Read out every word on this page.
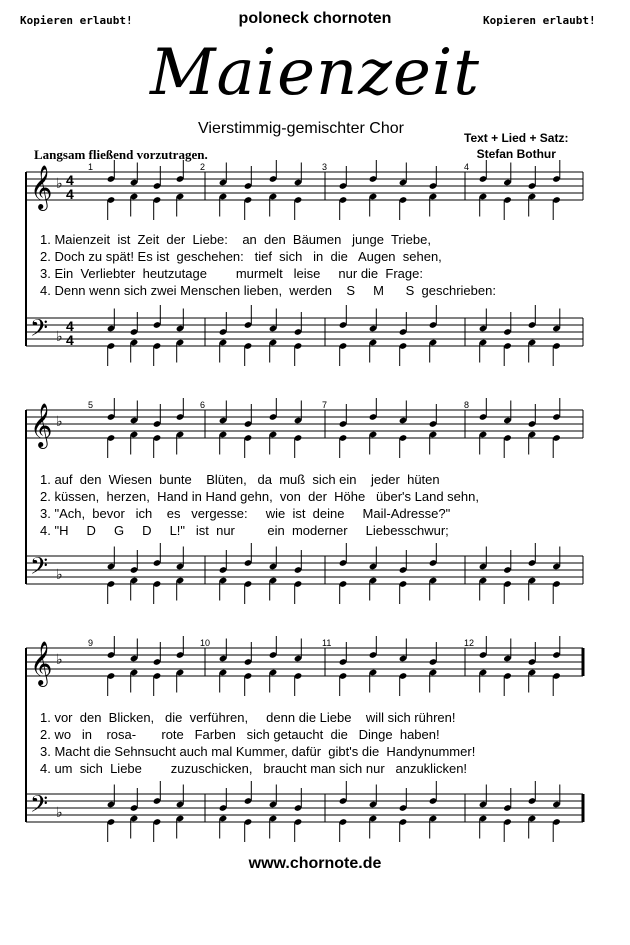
Kopieren erlaubt!	poloneck chornoten	Kopieren erlaubt!
Maienzeit
Vierstimmig-gemischter Chor
Text + Lied + Satz:
Stefan Bothur
Langsam fließend vorzutragen.
𝄞 ♭ 4
4
𝄢 ♭
4
4
1	2	3	4
1. Maienzeit  ist  Zeit  der  Liebe:    an  den  Bäumen   junge  Triebe,
2. Doch zu spät! Es ist  geschehen:   tief  sich   in  die   Augen  sehen,
3. Ein  Verliebter  heutzutage        murmelt   leise     nur die  Frage:
4. Denn wenn sich zwei Menschen lieben,  werden    S     M      S  geschrieben:
𝄞 ♭
𝄢 ♭
5	6	7	8
1. auf  den  Wiesen  bunte    Blüten,   da  muß  sich ein    jeder  hüten
2. küssen,  herzen,  Hand in Hand gehn,  von  der  Höhe   über's Land sehn,
3. "Ach,  bevor   ich    es   vergesse:     wie  ist  deine     Mail-Adresse?"
4. "H     D     G     D     L!"   ist  nur         ein  moderner     Liebesschwur;
𝄞 ♭
𝄢 ♭
9	10	11	12
1. vor  den  Blicken,   die  verführen,     denn die Liebe    will sich rühren!
2. wo   in    rosa-       rote   Farben   sich getaucht  die   Dinge  haben!
3. Macht die Sehnsucht auch mal Kummer, dafür  gibt's die  Handynummer!
4. um  sich  Liebe        zuzuschicken,   braucht man sich nur   anzuklicken!
www.chornote.de
